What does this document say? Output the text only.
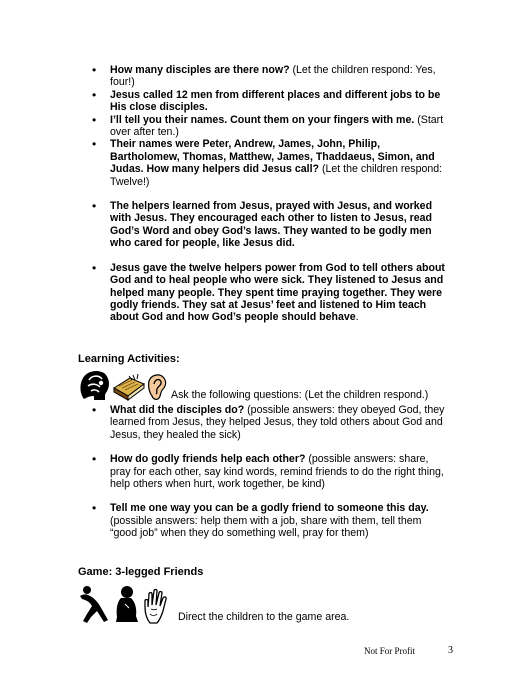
• How many disciples are there now? (Let the children respond: Yes, four!)
• Jesus called 12 men from different places and different jobs to be His close disciples.
• I’ll tell you their names. Count them on your fingers with me. (Start over after ten.)
• Their names were Peter, Andrew, James, John, Philip, Bartholomew, Thomas, Matthew, James, Thaddaeus, Simon, and Judas. How many helpers did Jesus call? (Let the children respond: Twelve!)
• The helpers learned from Jesus, prayed with Jesus, and worked with Jesus. They encouraged each other to listen to Jesus, read God’s Word and obey God’s laws. They wanted to be godly men who cared for people, like Jesus did.
• Jesus gave the twelve helpers power from God to tell others about God and to heal people who were sick. They listened to Jesus and helped many people. They spent time praying together. They were godly friends. They sat at Jesus’ feet and listened to Him teach about God and how God’s people should behave.
Learning Activities:
Ask the following questions: (Let the children respond.)
• What did the disciples do? (possible answers: they obeyed God, they learned from Jesus, they helped Jesus, they told others about God and Jesus, they healed the sick)
• How do godly friends help each other? (possible answers: share, pray for each other, say kind words, remind friends to do the right thing, help others when hurt, work together, be kind)
• Tell me one way you can be a godly friend to someone this day. (possible answers: help them with a job, share with them, tell them “good job” when they do something well, pray for them)
Game: 3-legged Friends
Direct the children to the game area.
Not For Profit	3
